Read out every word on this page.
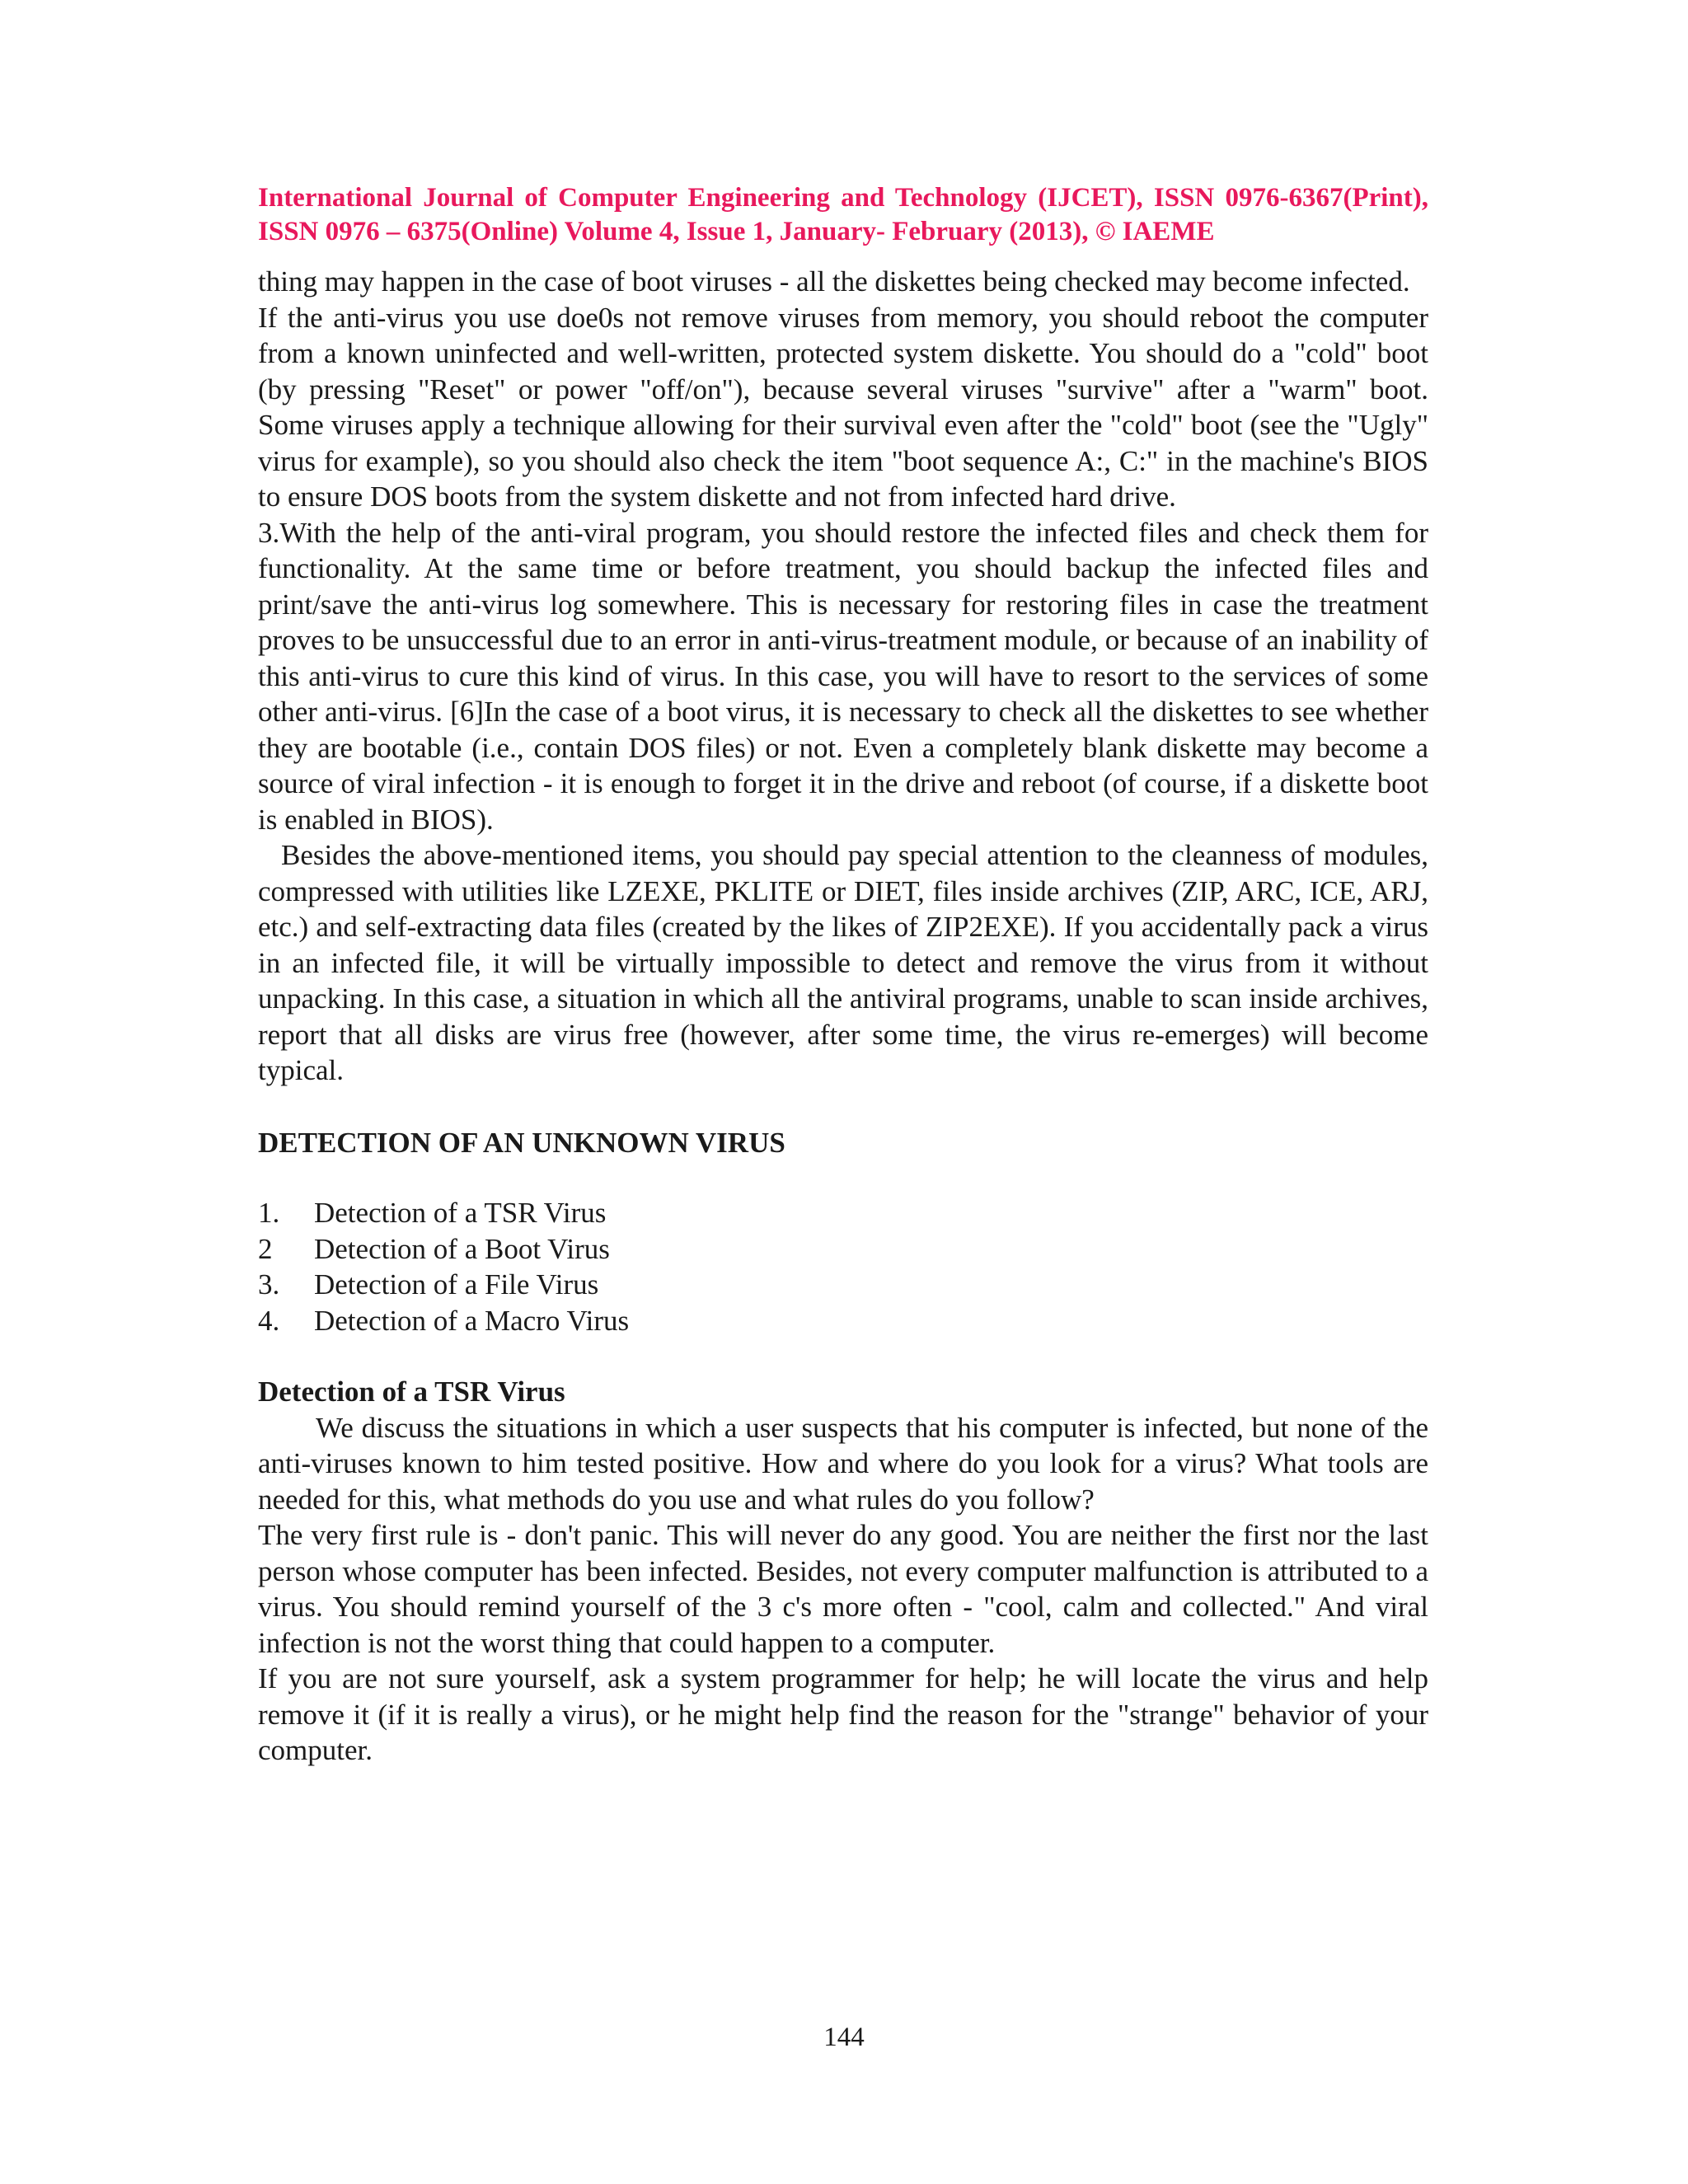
International Journal of Computer Engineering and Technology (IJCET), ISSN 0976-6367(Print), ISSN 0976 – 6375(Online) Volume 4, Issue 1, January- February (2013), © IAEME

thing may happen in the case of boot viruses - all the diskettes being checked may become infected.

If the anti-virus you use doe0s not remove viruses from memory, you should reboot the computer from a known uninfected and well-written, protected system diskette. You should do a "cold" boot (by pressing "Reset" or power "off/on"), because several viruses "survive" after a "warm" boot. Some viruses apply a technique allowing for their survival even after the "cold" boot (see the "Ugly" virus for example), so you should also check the item "boot sequence A:, C:" in the machine's BIOS to ensure DOS boots from the system diskette and not from infected hard drive.

3.With the help of the anti-viral program, you should restore the infected files and check them for functionality. At the same time or before treatment, you should backup the infected files and print/save the anti-virus log somewhere. This is necessary for restoring files in case the treatment proves to be unsuccessful due to an error in anti-virus-treatment module, or because of an inability of this anti-virus to cure this kind of virus. In this case, you will have to resort to the services of some other anti-virus. [6]In the case of a boot virus, it is necessary to check all the diskettes to see whether they are bootable (i.e., contain DOS files) or not. Even a completely blank diskette may become a source of viral infection - it is enough to forget it in the drive and reboot (of course, if a diskette boot is enabled in BIOS).

Besides the above-mentioned items, you should pay special attention to the cleanness of modules, compressed with utilities like LZEXE, PKLITE or DIET, files inside archives (ZIP, ARC, ICE, ARJ, etc.) and self-extracting data files (created by the likes of ZIP2EXE). If you accidentally pack a virus in an infected file, it will be virtually impossible to detect and remove the virus from it without unpacking. In this case, a situation in which all the antiviral programs, unable to scan inside archives, report that all disks are virus free (however, after some time, the virus re-emerges) will become typical.

DETECTION OF AN UNKNOWN VIRUS
1. Detection of a TSR Virus
2 Detection of a Boot Virus
3. Detection of a File Virus
4. Detection of a Macro Virus
Detection of a TSR Virus

We discuss the situations in which a user suspects that his computer is infected, but none of the anti-viruses known to him tested positive. How and where do you look for a virus? What tools are needed for this, what methods do you use and what rules do you follow?

The very first rule is - don't panic. This will never do any good. You are neither the first nor the last person whose computer has been infected. Besides, not every computer malfunction is attributed to a virus. You should remind yourself of the 3 c's more often - "cool, calm and collected." And viral infection is not the worst thing that could happen to a computer.

If you are not sure yourself, ask a system programmer for help; he will locate the virus and help remove it (if it is really a virus), or he might help find the reason for the "strange" behavior of your computer.

144
